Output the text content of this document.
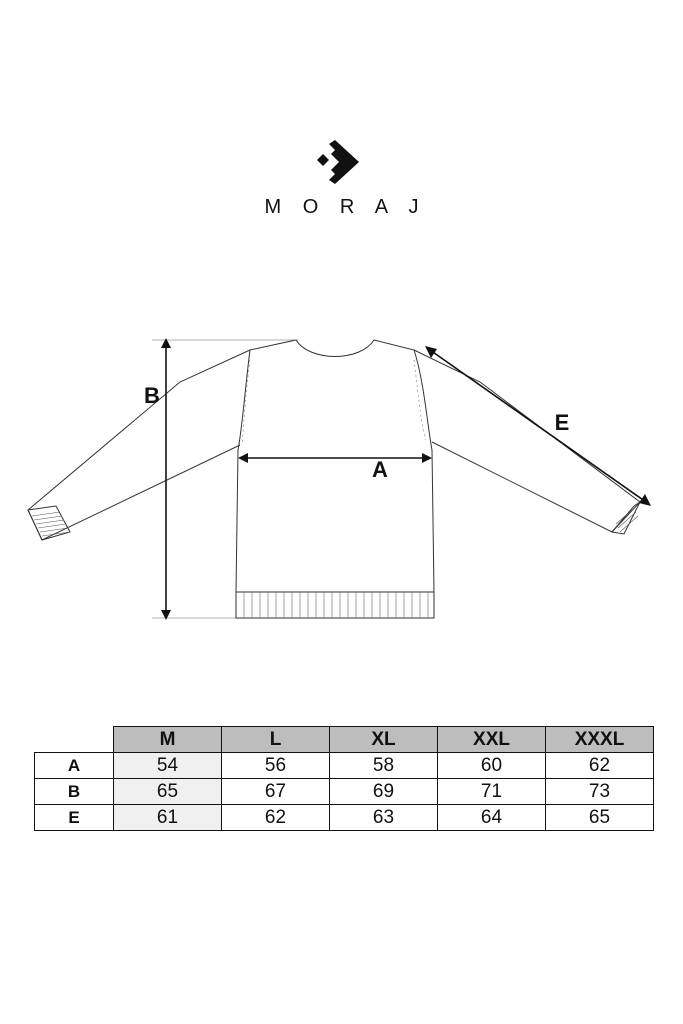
M O R A J
B
A
E
	M	L	XL	XXL	XXXL
A	54	56	58	60	62
B	65	67	69	71	73
E	61	62	63	64	65
